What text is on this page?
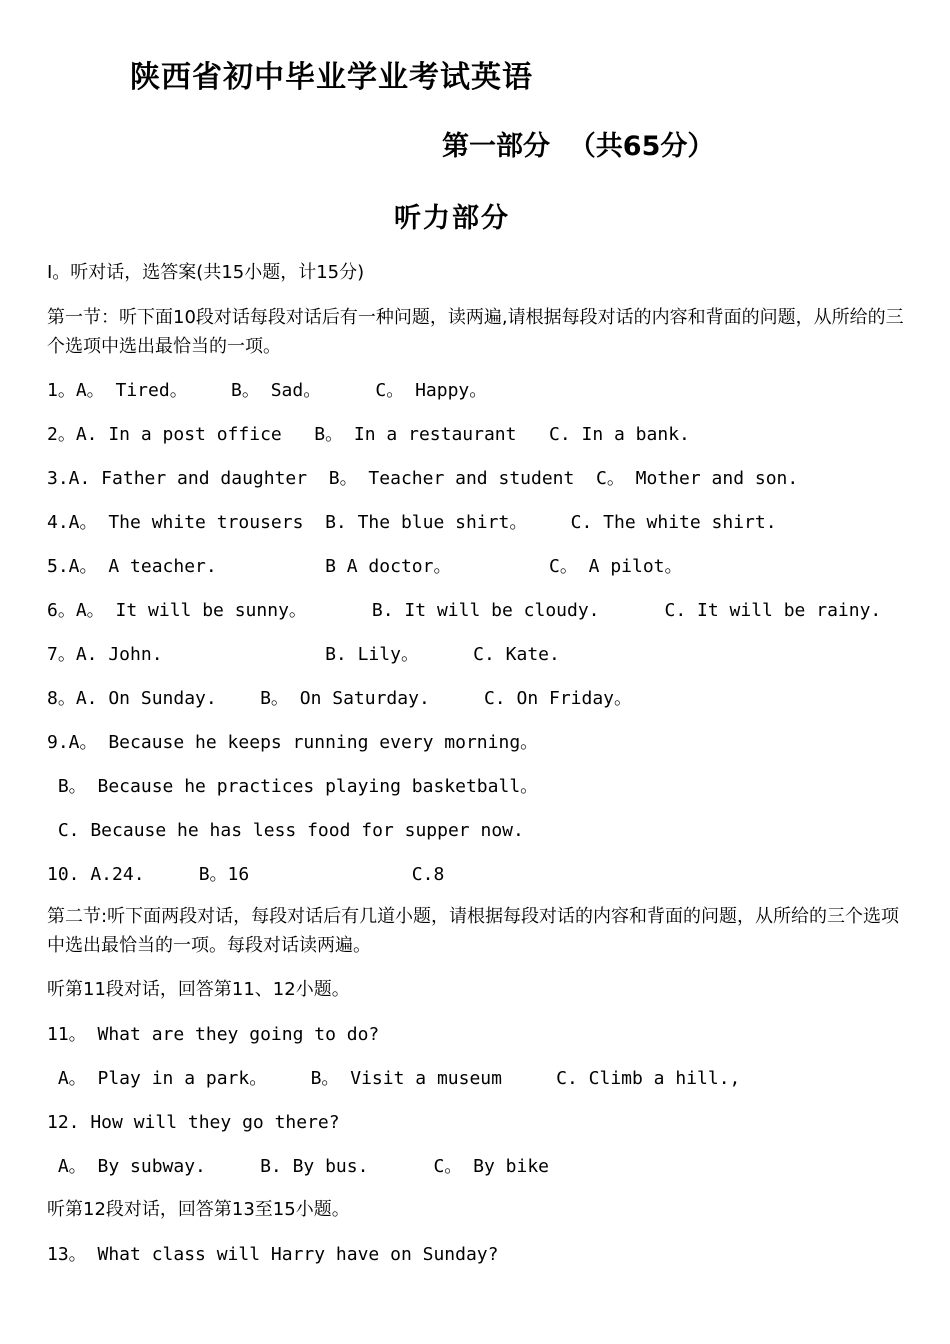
陕西省初中毕业学业考试英语
第一部分  （共65分）
听力部分
I。听对话，选答案(共15小题，计15分)
第一节：听下面10段对话每段对话后有一种问题，读两遍,请根据每段对话的内容和背面的问题，从所给的三个选项中选出最恰当的一项。
1。A。 Tired。    B。 Sad。     C。 Happy。
2。A. In a post office   B。 In a restaurant   C. In a bank.
3.A. Father and daughter  B。 Teacher and student  C。 Mother and son.
4.A。 The white trousers  B. The blue shirt。    C. The white shirt.
5.A。 A teacher.          B A doctor。         C。 A pilot。
6。A。 It will be sunny。      B. It will be cloudy.      C. It will be rainy.
7。A. John.               B. Lily。     C. Kate.
8。A. On Sunday.    B。 On Saturday.     C. On Friday。
9.A。 Because he keeps running every morning。
B。 Because he practices playing basketball。
C. Because he has less food for supper now.
10. A.24.     B。16               C.8
第二节:听下面两段对话，每段对话后有几道小题，请根据每段对话的内容和背面的问题，从所给的三个选项中选出最恰当的一项。每段对话读两遍。
听第11段对话，回答第11、12小题。
11。 What are they going to do?
A。 Play in a park。    B。 Visit a museum     C. Climb a hill.,
12. How will they go there?
A。 By subway.     B. By bus.      C。 By bike
听第12段对话，回答第13至15小题。
13。 What class will Harry have on Sunday?
